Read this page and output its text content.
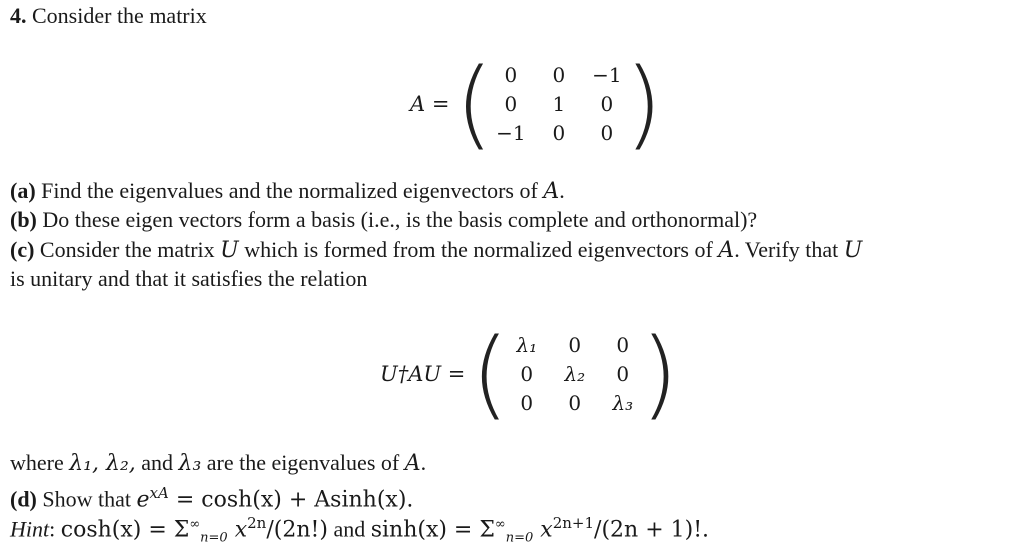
4. Consider the matrix
A = ( 0	0	−1
0	1	0
−1	0	0 )
(a) Find the eigenvalues and the normalized eigenvectors of A.
(b) Do these eigen vectors form a basis (i.e., is the basis complete and orthonormal)?
(c) Consider the matrix U which is formed from the normalized eigenvectors of A. Verify that U
is unitary and that it satisfies the relation
U†AU = ( λ₁	0	0
0	λ₂	0
0	0	λ₃ )
where λ₁, λ₂, and λ₃ are the eigenvalues of A.
(d) Show that $e^{xA} = \cosh(x) + Asinh(x)$.
Hint: $\cosh(x) = \Sigma^\infty_{n=0}$ $x^{2n}/(2n!)$ and $\sinh(x) = \Sigma^\infty_{n=0}$ $x^{2n+1}/(2n + 1)$!.
